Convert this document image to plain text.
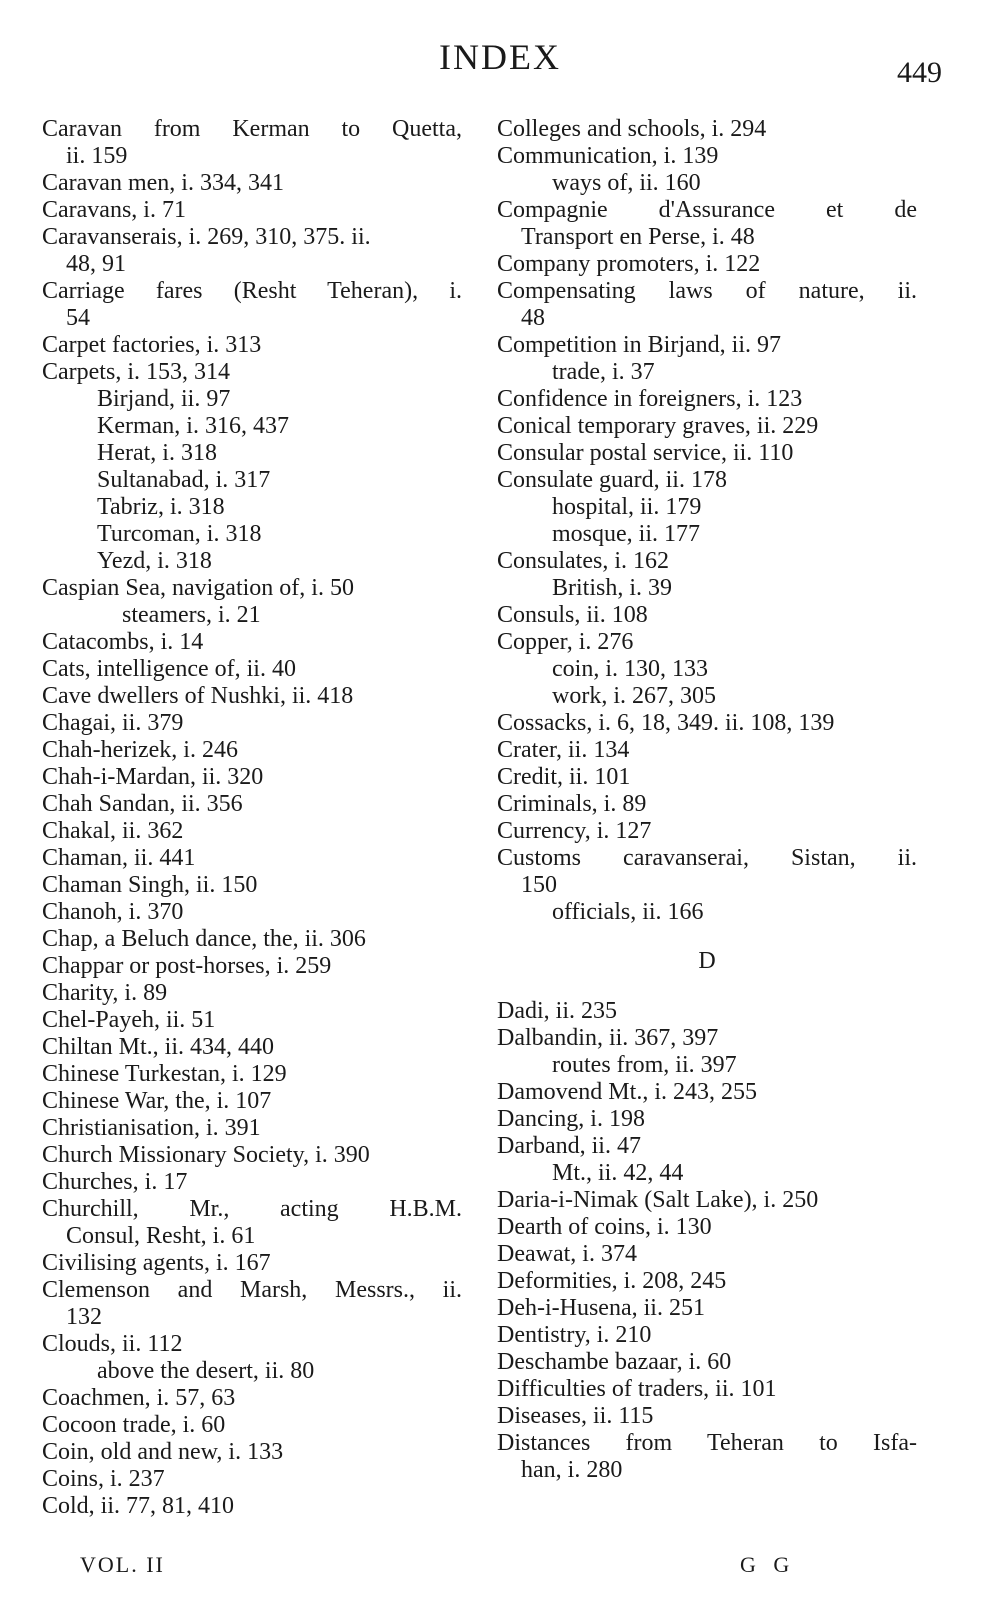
INDEX	449
Caravan from Kerman to Quetta,
ii. 159
Caravan men, i. 334, 341
Caravans, i. 71
Caravanserais, i. 269, 310, 375. ii.
48, 91
Carriage fares (Resht Teheran), i.
54
Carpet factories, i. 313
Carpets, i. 153, 314
Birjand, ii. 97
Kerman, i. 316, 437
Herat, i. 318
Sultanabad, i. 317
Tabriz, i. 318
Turcoman, i. 318
Yezd, i. 318
Caspian Sea, navigation of, i. 50
steamers, i. 21
Catacombs, i. 14
Cats, intelligence of, ii. 40
Cave dwellers of Nushki, ii. 418
Chagai, ii. 379
Chah-herizek, i. 246
Chah-i-Mardan, ii. 320
Chah Sandan, ii. 356
Chakal, ii. 362
Chaman, ii. 441
Chaman Singh, ii. 150
Chanoh, i. 370
Chap, a Beluch dance, the, ii. 306
Chappar or post-horses, i. 259
Charity, i. 89
Chel-Payeh, ii. 51
Chiltan Mt., ii. 434, 440
Chinese Turkestan, i. 129
Chinese War, the, i. 107
Christianisation, i. 391
Church Missionary Society, i. 390
Churches, i. 17
Churchill, Mr., acting H.B.M.
Consul, Resht, i. 61
Civilising agents, i. 167
Clemenson and Marsh, Messrs., ii.
132
Clouds, ii. 112
above the desert, ii. 80
Coachmen, i. 57, 63
Cocoon trade, i. 60
Coin, old and new, i. 133
Coins, i. 237
Cold, ii. 77, 81, 410
Colleges and schools, i. 294
Communication, i. 139
ways of, ii. 160
Compagnie d'Assurance et de
Transport en Perse, i. 48
Company promoters, i. 122
Compensating laws of nature, ii.
48
Competition in Birjand, ii. 97
trade, i. 37
Confidence in foreigners, i. 123
Conical temporary graves, ii. 229
Consular postal service, ii. 110
Consulate guard, ii. 178
hospital, ii. 179
mosque, ii. 177
Consulates, i. 162
British, i. 39
Consuls, ii. 108
Copper, i. 276
coin, i. 130, 133
work, i. 267, 305
Cossacks, i. 6, 18, 349. ii. 108, 139
Crater, ii. 134
Credit, ii. 101
Criminals, i. 89
Currency, i. 127
Customs caravanserai, Sistan, ii.
150
officials, ii. 166
D
Dadi, ii. 235
Dalbandin, ii. 367, 397
routes from, ii. 397
Damovend Mt., i. 243, 255
Dancing, i. 198
Darband, ii. 47
Mt., ii. 42, 44
Daria-i-Nimak (Salt Lake), i. 250
Dearth of coins, i. 130
Deawat, i. 374
Deformities, i. 208, 245
Deh-i-Husena, ii. 251
Dentistry, i. 210
Deschambe bazaar, i. 60
Difficulties of traders, ii. 101
Diseases, ii. 115
Distances from Teheran to Isfa-
han, i. 280
VOL. II	G G
